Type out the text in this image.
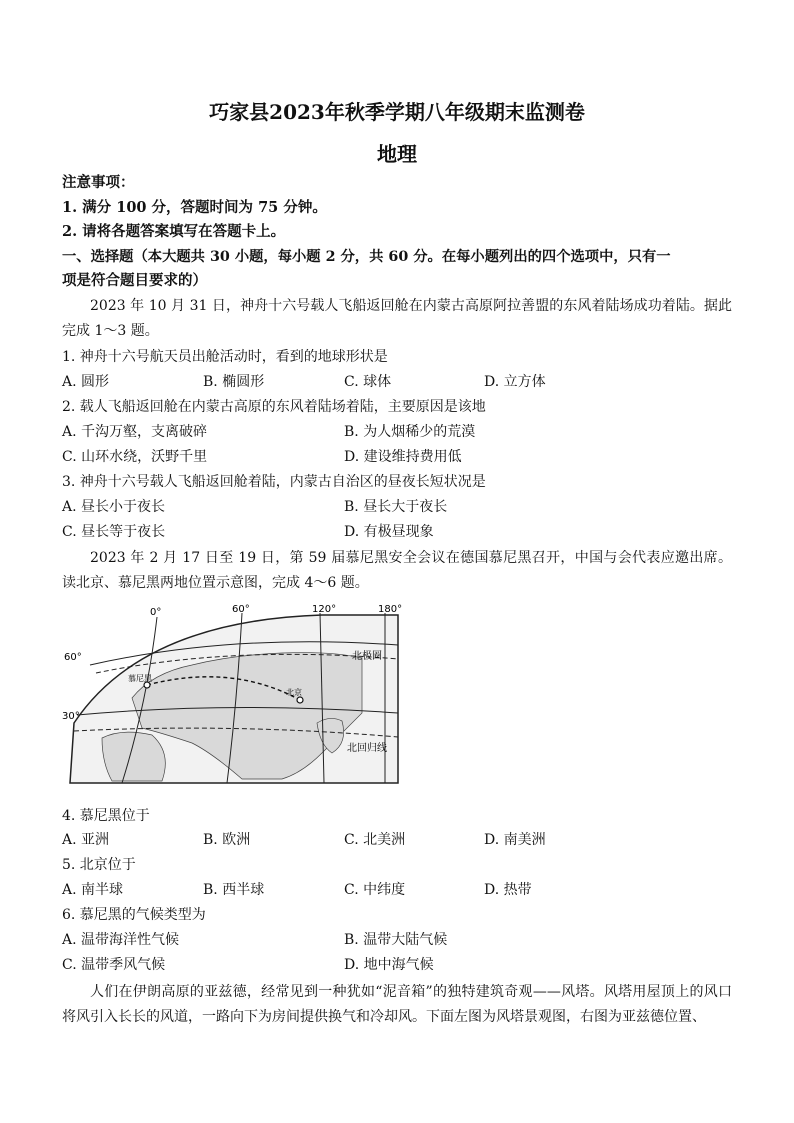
巧家县2023年秋季学期八年级期末监测卷
地理
注意事项：
1. 满分 100 分，答题时间为 75 分钟。
2. 请将各题答案填写在答题卡上。
一、选择题（本大题共 30 小题，每小题 2 分，共 60 分。在每小题列出的四个选项中，只有一
项是符合题目要求的）
2023 年 10 月 31 日，神舟十六号载人飞船返回舱在内蒙古高原阿拉善盟的东风着陆场成功着陆。据此完成 1～3 题。
1. 神舟十六号航天员出舱活动时，看到的地球形状是
A. 圆形	B. 椭圆形	C. 球体	D. 立方体
2. 载人飞船返回舱在内蒙古高原的东风着陆场着陆，主要原因是该地
A. 千沟万壑，支离破碎	B. 为人烟稀少的荒漠
C. 山环水绕，沃野千里	D. 建设维持费用低
3. 神舟十六号载人飞船返回舱着陆，内蒙古自治区的昼夜长短状况是
A. 昼长小于夜长	B. 昼长大于夜长
C. 昼长等于夜长	D. 有极昼现象
2023 年 2 月 17 日至 19 日，第 59 届慕尼黑安全会议在德国慕尼黑召开，中国与会代表应邀出席。读北京、慕尼黑两地位置示意图，完成 4～6 题。
0°	60°	120°	180°
60°
30°
北极圈
北回归线
慕尼黑
北京
4. 慕尼黑位于
A. 亚洲	B. 欧洲	C. 北美洲	D. 南美洲
5. 北京位于
A. 南半球	B. 西半球	C. 中纬度	D. 热带
6. 慕尼黑的气候类型为
A. 温带海洋性气候	B. 温带大陆气候
C. 温带季风气候	D. 地中海气候
人们在伊朗高原的亚兹德，经常见到一种犹如“泥音箱”的独特建筑奇观——风塔。风塔用屋顶上的风口将风引入长长的风道，一路向下为房间提供换气和冷却风。下面左图为风塔景观图，右图为亚兹德位置、
